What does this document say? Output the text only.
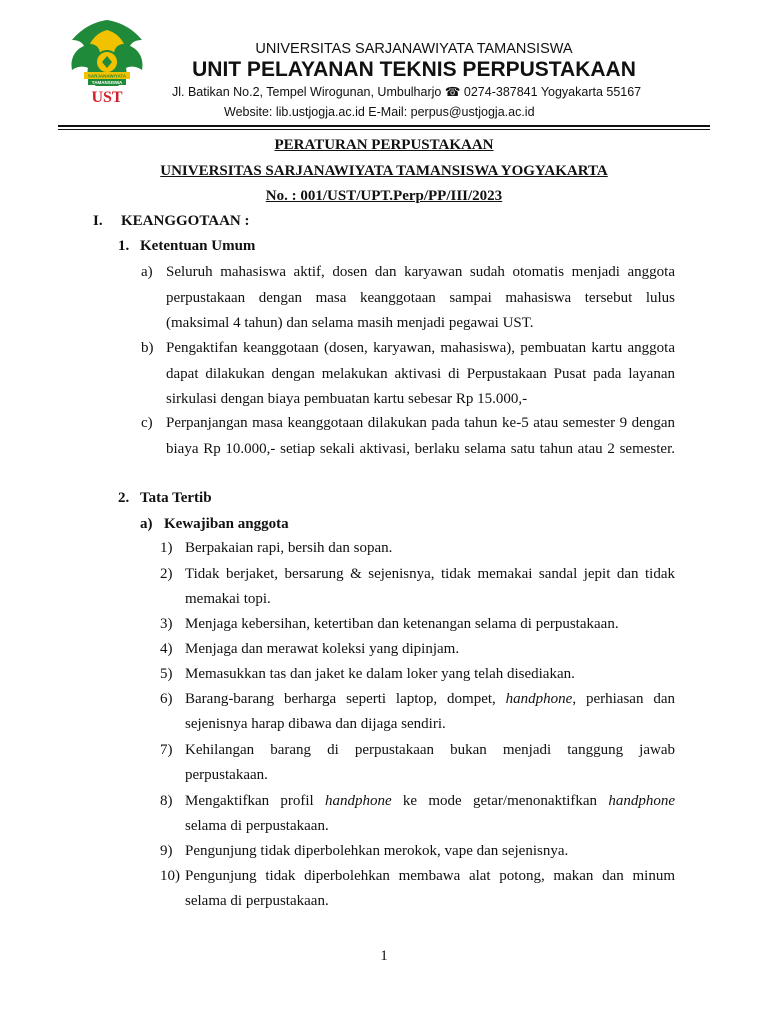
SARJANAWIYATA
TAMANSISWA
UST
UNIVERSITAS SARJANAWIYATA TAMANSISWA
UNIT PELAYANAN TEKNIS PERPUSTAKAAN
Jl. Batikan No.2, Tempel Wirogunan, Umbulharjo ☎ 0274-387841 Yogyakarta 55167
Website: lib.ustjogja.ac.id E-Mail: perpus@ustjogja.ac.id
PERATURAN PERPUSTAKAAN
UNIVERSITAS SARJANAWIYATA TAMANSISWA YOGYAKARTA
No. : 001/UST/UPT.Perp/PP/III/2023
I. KEANGGOTAAN :
1. Ketentuan Umum
a) Seluruh mahasiswa aktif, dosen dan karyawan sudah otomatis menjadi anggota
perpustakaan dengan masa keanggotaan sampai mahasiswa tersebut lulus
(maksimal 4 tahun) dan selama masih menjadi pegawai UST.
b) Pengaktifan keanggotaan (dosen, karyawan, mahasiswa), pembuatan kartu anggota
dapat dilakukan dengan melakukan aktivasi di Perpustakaan Pusat pada layanan
sirkulasi dengan biaya pembuatan kartu sebesar Rp 15.000,-
c) Perpanjangan masa keanggotaan dilakukan pada tahun ke-5 atau semester 9 dengan
biaya Rp 10.000,- setiap sekali aktivasi, berlaku selama satu tahun atau 2 semester.
2. Tata Tertib
a) Kewajiban anggota
1) Berpakaian rapi, bersih dan sopan.
2) Tidak berjaket, bersarung & sejenisnya, tidak memakai sandal jepit dan tidak
memakai topi.
3) Menjaga kebersihan, ketertiban dan ketenangan selama di perpustakaan.
4) Menjaga dan merawat koleksi yang dipinjam.
5) Memasukkan tas dan jaket ke dalam loker yang telah disediakan.
6) Barang-barang berharga seperti laptop, dompet, handphone, perhiasan dan
sejenisnya harap dibawa dan dijaga sendiri.
7) Kehilangan barang di perpustakaan bukan menjadi tanggung jawab
perpustakaan.
8) Mengaktifkan profil handphone ke mode getar/menonaktifkan handphone
selama di perpustakaan.
9) Pengunjung tidak diperbolehkan merokok, vape dan sejenisnya.
10) Pengunjung tidak diperbolehkan membawa alat potong, makan dan minum
selama di perpustakaan.
1
